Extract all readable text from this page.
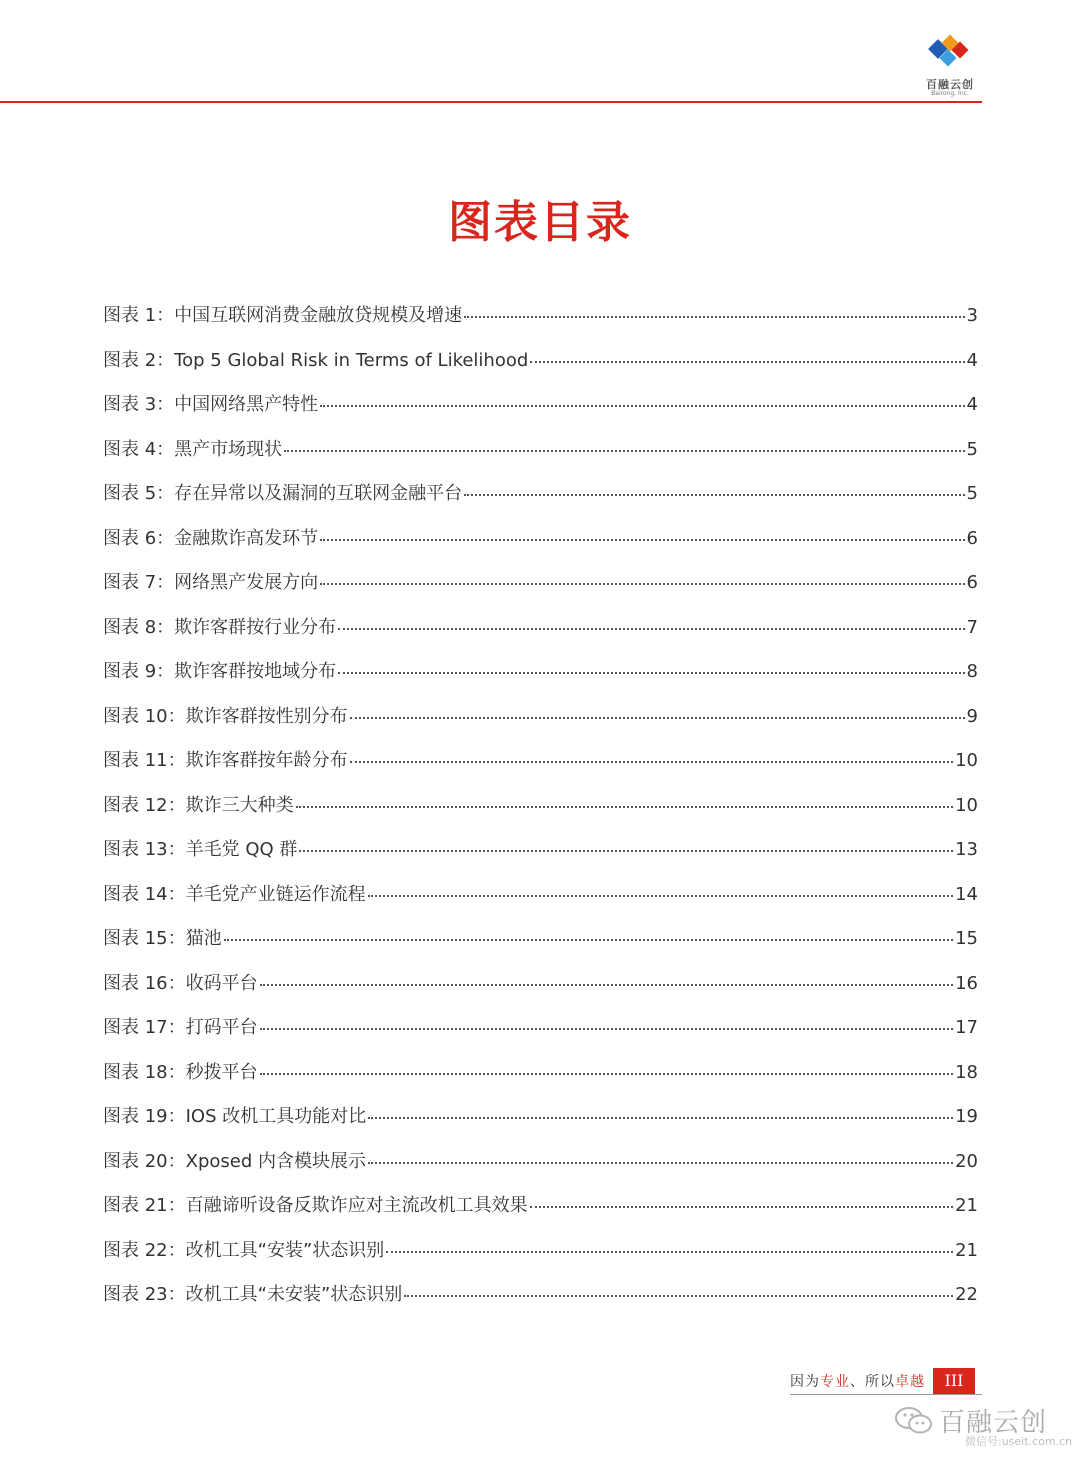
百融云创
Bairong, Inc.
图表目录
图表 1：中国互联网消费金融放贷规模及增速	3
图表 2：Top 5 Global Risk in Terms of Likelihood	4
图表 3：中国网络黑产特性	4
图表 4：黑产市场现状	5
图表 5：存在异常以及漏洞的互联网金融平台	5
图表 6：金融欺诈高发环节	6
图表 7：网络黑产发展方向	6
图表 8：欺诈客群按行业分布	7
图表 9：欺诈客群按地域分布	8
图表 10：欺诈客群按性别分布	9
图表 11：欺诈客群按年龄分布	10
图表 12：欺诈三大种类	10
图表 13：羊毛党 QQ 群	13
图表 14：羊毛党产业链运作流程	14
图表 15：猫池	15
图表 16：收码平台	16
图表 17：打码平台	17
图表 18：秒拨平台	18
图表 19：IOS 改机工具功能对比	19
图表 20：Xposed 内含模块展示	20
图表 21：百融谛听设备反欺诈应对主流改机工具效果	21
图表 22：改机工具“安装”状态识别	21
图表 23：改机工具“未安装”状态识别	22
因为专业、所以卓越	III
百融云创
微信号:useit.com.cn
